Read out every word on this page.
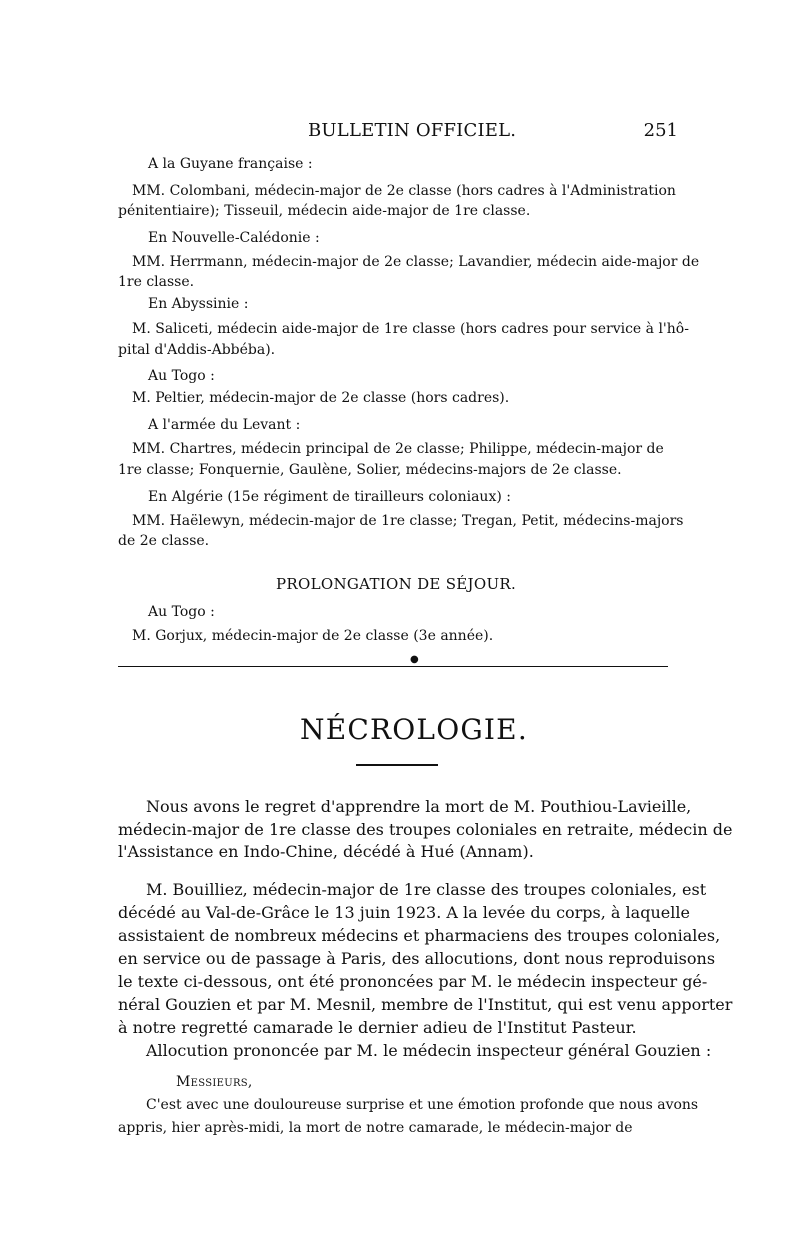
BULLETIN OFFICIEL.	251
A la Guyane française :
MM. Colombani, médecin-major de 2e classe (hors cadres à l'Administration
pénitentiaire); Tisseuil, médecin aide-major de 1re classe.
En Nouvelle-Calédonie :
MM. Herrmann, médecin-major de 2e classe; Lavandier, médecin aide-major de
1re classe.
En Abyssinie :
M. Saliceti, médecin aide-major de 1re classe (hors cadres pour service à l'hô-
pital d'Addis-Abbéba).
Au Togo :
M. Peltier, médecin-major de 2e classe (hors cadres).
A l'armée du Levant :
MM. Chartres, médecin principal de 2e classe; Philippe, médecin-major de
1re classe; Fonquernie, Gaulène, Solier, médecins-majors de 2e classe.
En Algérie (15e régiment de tirailleurs coloniaux) :
MM. Haëlewyn, médecin-major de 1re classe; Tregan, Petit, médecins-majors
de 2e classe.
PROLONGATION DE SÉJOUR.
Au Togo :
M. Gorjux, médecin-major de 2e classe (3e année).
●
NÉCROLOGIE.
Nous avons le regret d'apprendre la mort de M. Pouthiou-Lavieille,
médecin-major de 1re classe des troupes coloniales en retraite, médecin de
l'Assistance en Indo-Chine, décédé à Hué (Annam).
M. Bouilliez, médecin-major de 1re classe des troupes coloniales, est
décédé au Val-de-Grâce le 13 juin 1923. A la levée du corps, à laquelle
assistaient de nombreux médecins et pharmaciens des troupes coloniales,
en service ou de passage à Paris, des allocutions, dont nous reproduisons
le texte ci-dessous, ont été prononcées par M. le médecin inspecteur gé-
néral Gouzien et par M. Mesnil, membre de l'Institut, qui est venu apporter
à notre regretté camarade le dernier adieu de l'Institut Pasteur.
Allocution prononcée par M. le médecin inspecteur général Gouzien :
Messieurs,
C'est avec une douloureuse surprise et une émotion profonde que nous avons
appris, hier après-midi, la mort de notre camarade, le médecin-major de
